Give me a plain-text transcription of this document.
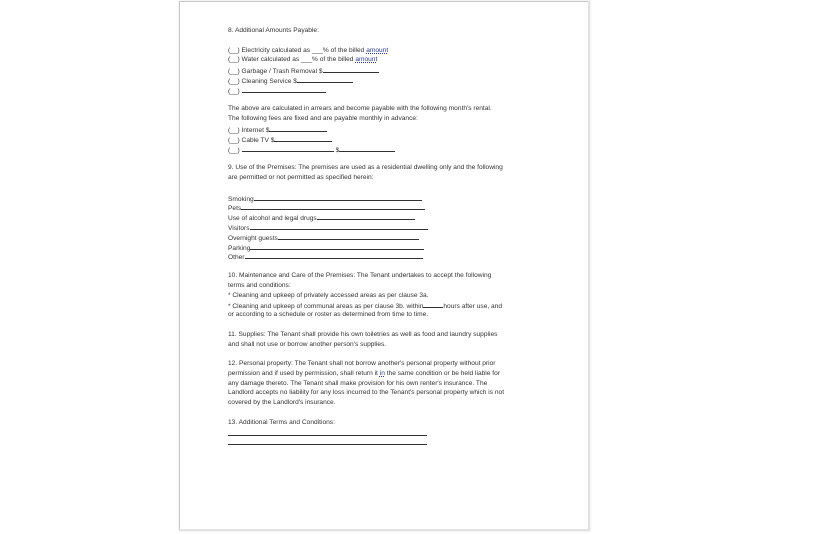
8. Additional Amounts Payable:
(__) Electricity calculated as ___% of the billed amount
(__) Water calculated as ___% of the billed amount
(__) Garbage / Trash Removal $
(__) Cleaning Service $
(__)
The above are calculated in arrears and become payable with the following month's rental.
The following fees are fixed and are payable monthly in advance:
(__) Internet $
(__) Cable TV $
(__)	$
9. Use of the Premises: The premises are used as a residential dwelling only and the following
are permitted or not permitted as specified herein:
Smoking
Pets
Use of alcohol and legal drugs
Visitors
Overnight guests
Parking
Other
10. Maintenance and Care of the Premises: The Tenant undertakes to accept the following
terms and conditions:
* Cleaning and upkeep of privately accessed areas as per clause 3a.
* Cleaning and upkeep of communal areas as per clause 3b. within	hours after use, and
or according to a schedule or roster as determined from time to time.
11. Supplies: The Tenant shall provide his own toiletries as well as food and laundry supplies
and shall not use or borrow another person's supplies.
12. Personal property: The Tenant shall not borrow another's personal property without prior
permission and if used by permission, shall return it in the same condition or be held liable for
any damage thereto. The Tenant shall make provision for his own renter's insurance. The
Landlord accepts no liability for any loss incurred to the Tenant's personal property which is not
covered by the Landlord's insurance.
13. Additional Terms and Conditions:
